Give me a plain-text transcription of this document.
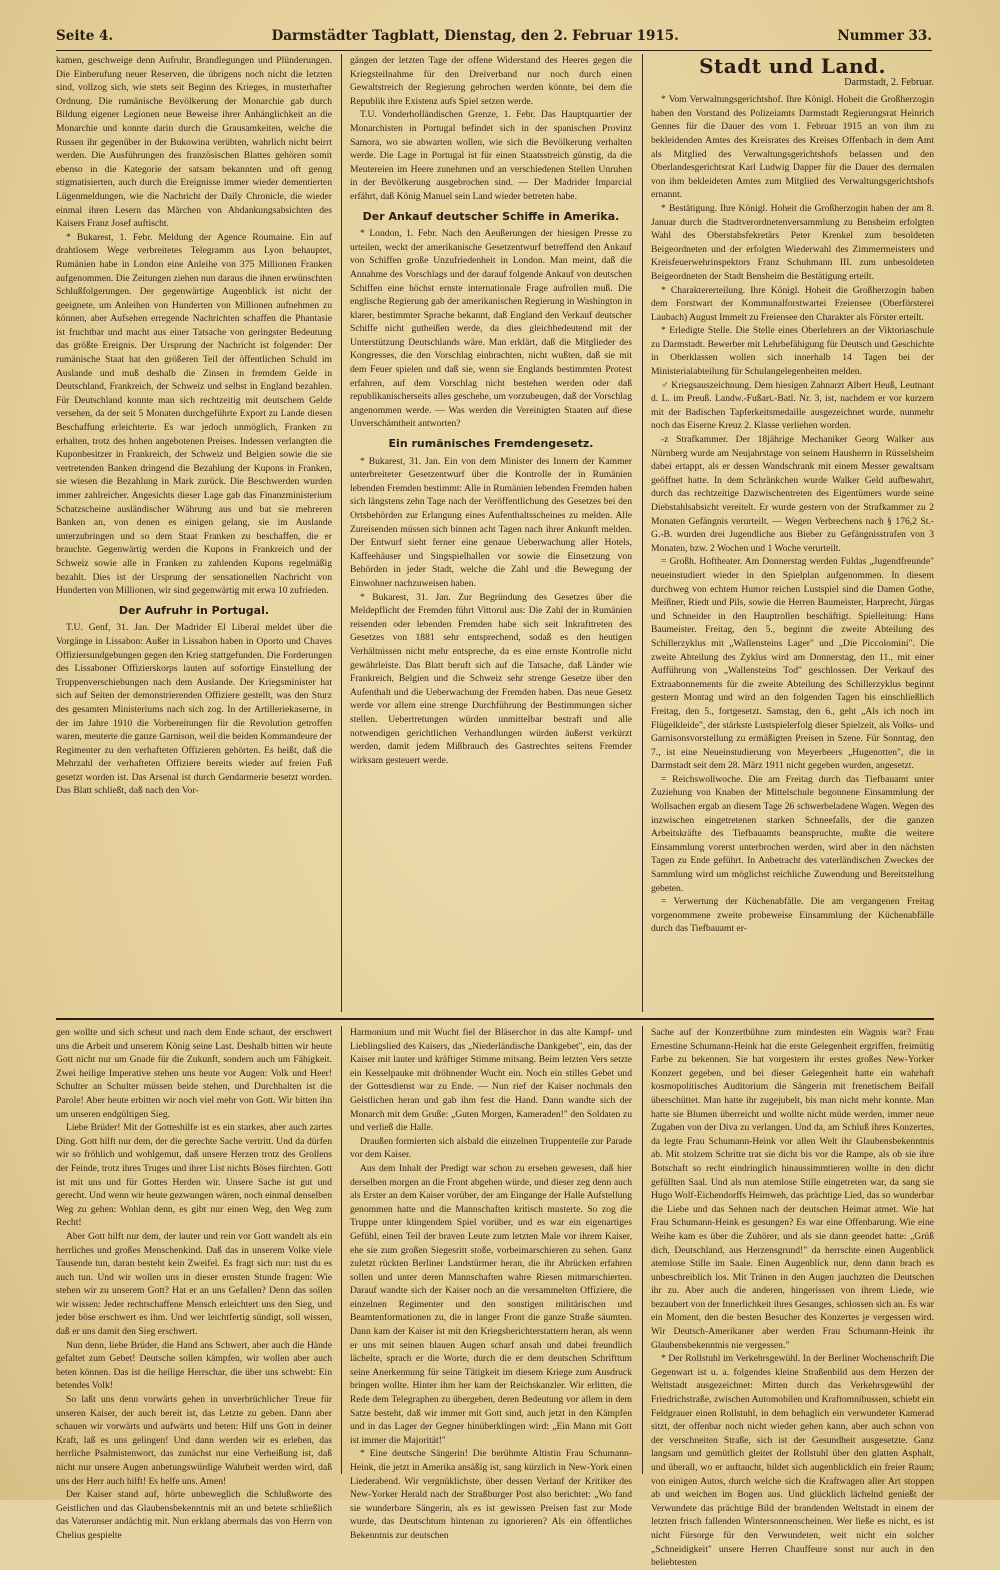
Seite 4.	Darmstädter Tagblatt, Dienstag, den 2. Februar 1915.	Nummer 33.

kamen, geschweige denn Aufruhr, Brandlegungen und Plünderungen. Die Einberufung neuer Reserven, die übrigens noch nicht die letzten sind, vollzog sich, wie stets seit Beginn des Krieges, in musterhafter Ordnung. Die rumänische Bevölkerung der Monarchie gab durch Bildung eigener Legionen neue Beweise ihrer Anhänglichkeit an die Monarchie und konnte darin durch die Grausamkeiten, welche die Russen ihr gegenüber in der Bukowina verübten, wahrlich nicht beirrt werden. Die Ausführungen des französischen Blattes gehören somit ebenso in die Kategorie der satsam bekannten und oft genug stigmatisierten, auch durch die Ereignisse immer wieder dementierten Lügenmeldungen, wie die Nachricht der Daily Chronicle, die wieder einmal ihren Lesern das Märchen von Abdankungsabsichten des Kaisers Franz Josef auftischt.

* Bukarest, 1. Febr. Meldung der Agence Roumaine. Ein auf drahtlosem Wege verbreitetes Telegramm aus Lyon behauptet, Rumänien habe in London eine Anleihe von 375 Millionen Franken aufgenommen. Die Zeitungen ziehen nun daraus die ihnen erwünschten Schlußfolgerungen. Der gegenwärtige Augenblick ist nicht der geeignete, um Anleihen von Hunderten von Millionen aufnehmen zu können, aber Aufsehen erregende Nachrichten schaffen die Phantasie ist fruchtbar und macht aus einer Tatsache von geringster Bedeutung das größte Ereignis. Der Ursprung der Nachricht ist folgender: Der rumänische Staat hat den größeren Teil der öffentlichen Schuld im Auslande und muß deshalb die Zinsen in fremdem Gelde in Deutschland, Frankreich, der Schweiz und selbst in England bezahlen. Für Deutschland konnte man sich rechtzeitig mit deutschem Gelde versehen, da der seit 5 Monaten durchgeführte Export zu Lande diesen Beschaffung erleichterte. Es war jedoch unmöglich, Franken zu erhalten, trotz des hohen angebotenen Preises. Indessen verlangten die Kuponbesitzer in Frankreich, der Schweiz und Belgien sowie die sie vertretenden Banken dringend die Bezahlung der Kupons in Franken, sie wiesen die Bezahlung in Mark zurück. Die Beschwerden wurden immer zahlreicher. Angesichts dieser Lage gab das Finanzministerium Schatzscheine ausländischer Währung aus und bat sie mehreren Banken an, von denen es einigen gelang, sie im Auslande unterzubringen und so dem Staat Franken zu beschaffen, die er brauchte. Gegenwärtig werden die Kupons in Frankreich und der Schweiz sowie alle in Franken zu zahlenden Kupons regelmäßig bezahlt. Dies ist der Ursprung der sensationellen Nachricht von Hunderten von Millionen, wir sind gegenwärtig mit erwa 10 zufrieden.

Der Aufruhr in Portugal.

T.U. Genf, 31. Jan. Der Madrider El Liberal meldet über die Vorgänge in Lissabon: Außer in Lissabon haben in Oporto und Chaves Offiziersundgebungen gegen den Krieg stattgefunden. Die Forderungen des Lissaboner Offizierskorps lauten auf sofortige Einstellung der Truppenverschiebungen nach dem Auslande. Der Kriegsminister hat sich auf Seiten der demonstrierenden Offiziere gestellt, was den Sturz des gesamten Ministeriums nach sich zog. In der Artilleriekaserne, in der im Jahre 1910 die Vorbereitungen für die Revolution getroffen waren, meuterte die ganze Garnison, weil die beiden Kommandeure der Regimenter zu den verhafteten Offizieren gehörten. Es heißt, daß die Mehrzahl der verhafteten Offiziere bereits wieder auf freien Fuß gesetzt worden ist. Das Arsenal ist durch Gendarmerie besetzt worden. Das Blatt schließt, daß nach den Vor-

gängen der letzten Tage der offene Widerstand des Heeres gegen die Kriegsteilnahme für den Dreiverband nur noch durch einen Gewaltstreich der Regierung gebrochen werden könnte, bei dem die Republik ihre Existenz aufs Spiel setzen werde.

T.U. Vonderholländischen Grenze, 1. Febr. Das Hauptquartier der Monarchisten in Portugal befindet sich in der spanischen Provinz Samora, wo sie abwarten wollen, wie sich die Bevölkerung verhalten werde. Die Lage in Portugal ist für einen Staatsstreich günstig, da die Meutereien im Heere zunehmen und an verschiedenen Stellen Unruhen in der Bevölkerung ausgebrochen sind. — Der Madrider Imparcial erfährt, daß König Manuel sein Land wieder betreten habe.

Der Ankauf deutscher Schiffe in Amerika.

* London, 1. Febr. Nach den Aeußerungen der hiesigen Presse zu urteilen, weckt der amerikanische Gesetzentwurf betreffend den Ankauf von Schiffen große Unzufriedenheit in London. Man meint, daß die Annahme des Vorschlags und der darauf folgende Ankauf von deutschen Schiffen eine höchst ernste internationale Frage aufrollen muß. Die englische Regierung gab der amerikanischen Regierung in Washington in klarer, bestimmter Sprache bekannt, daß England den Verkauf deutscher Schiffe nicht gutheißen werde, da dies gleichbedeutend mit der Unterstützung Deutschlands wäre. Man erklärt, daß die Mitglieder des Kongresses, die den Vorschlag einbrachten, nicht wußten, daß sie mit dem Feuer spielen und daß sie, wenn sie Englands bestimmten Protest erfahren, auf dem Vorschlag nicht bestehen werden oder daß republikanischerseits alles geschehe, um vorzubeugen, daß der Vorschlag angenommen werde. — Was werden die Vereinigten Staaten auf diese Unverschämtheit antworten?

Ein rumänisches Fremdengesetz.

* Bukarest, 31. Jan. Ein von dem Minister des Innern der Kammer unterbreiteter Gesetzentwurf über die Kontrolle der in Rumänien lebenden Fremden bestimmt: Alle in Rumänien lebenden Fremden haben sich längstens zehn Tage nach der Veröffentlichung des Gesetzes bei den Ortsbehörden zur Erlangung eines Aufenthaltsscheines zu melden. Alle Zureisenden müssen sich binnen acht Tagen nach ihrer Ankunft melden. Der Entwurf sieht ferner eine genaue Ueberwachung aller Hotels, Kaffeehäuser und Singspielhallen vor sowie die Einsetzung von Behörden in jeder Stadt, welche die Zahl und die Bewegung der Einwohner nachzuweisen haben.

* Bukarest, 31. Jan. Zur Begründung des Gesetzes über die Meldepflicht der Fremden führt Vittorul aus: Die Zahl der in Rumänien reisenden oder lebenden Fremden habe sich seit Inkrafttreten des Gesetzes von 1881 sehr entsprechend, sodaß es den heutigen Verhältnissen nicht mehr entspreche, da es eine ernste Kontrolle nicht gewährleiste. Das Blatt beruft sich auf die Tatsache, daß Länder wie Frankreich, Belgien und die Schweiz sehr strenge Gesetze über den Aufenthalt und die Ueberwachung der Fremden haben. Das neue Gesetz werde vor allem eine strenge Durchführung der Bestimmungen sicher stellen. Uebertretungen würden unmittelbar bestraft und alle notwendigen gerichtlichen Verhandlungen würden äußerst verkürzt werden, damit jedem Mißbrauch des Gastrechtes seitens Fremder wirksam gesteuert werde.

Stadt und Land.
Darmstadt, 2. Februar.

* Vom Verwaltungsgerichtshof. Ihre Königl. Hoheit die Großherzogin haben den Vorstand des Polizeiamts Darmstadt Regierungsrat Heinrich Gennes für die Dauer des vom 1. Februar 1915 an von ihm zu bekleidenden Amtes des Kreisrates des Kreises Offenbach in dem Amt als Mitglied des Verwaltungsgerichtshofs belassen und den Oberlandesgerichtsrat Karl Ludwig Dapper für die Dauer des dermalen von ihm bekleideten Amtes zum Mitglied des Verwaltungsgerichtshofs ernannt.

* Bestätigung. Ihre Königl. Hoheit die Großherzogin haben der am 8. Januar durch die Stadtverordnetenversammlung zu Bensheim erfolgten Wahl des Oberstabsfekretärs Peter Krenkel zum besoldeten Beigeordneten und der erfolgten Wiederwahl des Zimmermeisters und Kreisfeuerwehrinspektors Franz Schuhmann III. zum unbesoldeten Beigeordneten der Stadt Bensheim die Bestätigung erteilt.

* Charaktererteilung. Ihre Königl. Hoheit die Großherzogin haben dem Forstwart der Kommunalforstwartei Freiensee (Oberförsterei Laubach) August Immelt zu Freiensee den Charakter als Förster erteilt.

* Erledigte Stelle. Die Stelle eines Oberlehrers an der Viktoriaschule zu Darmstadt. Bewerber mit Lehrbefähigung für Deutsch und Geschichte in Oberklassen wollen sich innerhalb 14 Tagen bei der Ministerialabteilung für Schulangelegenheiten melden.

♂ Kriegsauszeichnung. Dem hiesigen Zahnarzt Albert Heuß, Leutnant d. L. im Preuß. Landw.-Fußart.-Batl. Nr. 3, ist, nachdem er vor kurzem mit der Badischen Tapferkeitsmedaille ausgezeichnet wurde, nunmehr noch das Eiserne Kreuz 2. Klasse verliehen worden.

-z Strafkammer. Der 18jährige Mechaniker Georg Walker aus Nürnberg wurde am Neujahrstage von seinem Hausherrn in Rüsselsheim dabei ertappt, als er dessen Wandschrank mit einem Messer gewaltsam geöffnet hatte. In dem Schränkchen wurde Walker Geld aufbewahrt, durch das rechtzeitige Dazwischentreten des Eigentümers wurde seine Diebstahlsabsicht vereitelt. Er wurde gestern von der Strafkammer zu 2 Monaten Gefängnis verurteilt. — Wegen Verbrechens nach § 176,2 St.-G.-B. wurden drei Jugendliche aus Bieber zu Gefängnisstrafen von 3 Monaten, bzw. 2 Wochen und 1 Woche verurteilt.

= Großh. Hoftheater. Am Donnerstag werden Fuldas „Jugendfreunde" neueinstudiert wieder in den Spielplan aufgenommen. In diesem durchweg von echtem Humor reichen Lustspiel sind die Damen Gothe, Meißner, Riedt und Pils, sowie die Herren Baumeister, Harprecht, Jürgas und Schneider in den Hauptrollen beschäftigt. Spielleitung: Hans Baumeister. Freitag, den 5., beginnt die zweite Abteilung des Schillerzyklus mit „Wallensteins Lager" und „Die Piccolomini". Die zweite Abteilung des Zyklus wird am Donnerstag, den 11., mit einer Aufführung von „Wallensteins Tod" geschlossen. Der Verkauf des Extraabonnements für die zweite Abteilung des Schillerzyklus beginnt gestern Montag und wird an den folgenden Tagen bis einschließlich Freitag, den 5., fortgesetzt. Samstag, den 6., geht „Als ich noch im Flügelkleide", der stärkste Lustspielerfolg dieser Spielzeit, als Volks- und Garnisonsvorstellung zu ermäßigten Preisen in Szene. Für Sonntag, den 7., ist eine Neueinstudierung von Meyerbeers „Hugenotten", die in Darmstadt seit dem 28. März 1911 nicht gegeben wurden, angesetzt.

= Reichswollwoche. Die am Freitag durch das Tiefbauamt unter Zuziehung von Knaben der Mittelschule begonnene Einsammlung der Wollsachen ergab an diesem Tage 26 schwerbeladene Wagen. Wegen des inzwischen eingetretenen starken Schneefalls, der die ganzen Arbeitskräfte des Tiefbauamts beanspruchte, mußte die weitere Einsammlung vorerst unterbrochen werden, wird aber in den nächsten Tagen zu Ende geführt. In Anbetracht des vaterländischen Zweckes der Sammlung wird um möglichst reichliche Zuwendung und Bereitstellung gebeten.

= Verwertung der Küchenabfälle. Die am vergangenen Freitag vorgenommene zweite probeweise Einsammlung der Küchenabfälle durch das Tiefbauamt er-

gen wollte und sich scheut und nach dem Ende schaut, der erschwert uns die Arbeit und unserem König seine Last. Deshalb bitten wir heute Gott nicht nur um Gnade für die Zukunft, sondern auch um Fähigkeit. Zwei heilige Imperative stehen uns heute vor Augen: Volk und Heer! Schulter an Schulter müssen beide stehen, und Durchhalten ist die Parole! Aber heute erbitten wir noch viel mehr von Gott. Wir bitten ihn um unseren endgültigen Sieg.

Liebe Brüder! Mit der Gotteshilfe ist es ein starkes, aber auch zartes Ding. Gott hilft nur dem, der die gerechte Sache vertritt. Und da dürfen wir so fröhlich und wohlgemut, daß unsere Herzen trotz des Grollens der Feinde, trotz ihres Truges und ihrer List nichts Böses fürchten. Gott ist mit uns und für Gottes Herden wir. Unsere Sache ist gut und gerecht. Und wenn wir heute gezwungen wären, noch einmal denselben Weg zu gehen: Wohlan denn, es gibt nur einen Weg, den Weg zum Recht!

Aber Gott hilft nur dem, der lauter und rein vor Gott wandelt als ein herrliches und großes Menschenkind. Daß das in unserem Volke viele Tausende tun, daran besteht kein Zweifel. Es fragt sich nur: tust du es auch tun. Und wir wollen uns in dieser ernsten Stunde fragen: Wie stehen wir zu unserem Gott? Hat er an uns Gefallen? Denn das sollen wir wissen: Jeder rechtschaffene Mensch erleichtert uns den Sieg, und jeder böse erschwert es ihm. Und wer leichtfertig sündigt, soll wissen, daß er uns damit den Sieg erschwert.

Nun denn, liebe Brüder, die Hand ans Schwert, aber auch die Hände gefaltet zum Gebet! Deutsche sollen kämpfen, wir wollen aber auch beten können. Das ist die heilige Herrschar, die über uns schwebt: Ein betendes Volk!

So laßt uns denn vorwärts gehen in unverbrüchlicher Treue für unseren Kaiser, der auch bereit ist, das Letzte zu geben. Dann aber schauen wir vorwärts und aufwärts und beten: Hilf uns Gott in deiner Kraft, laß es uns gelingen! Und dann werden wir es erleben, das herrliche Psalmistenwort, das zunächst nur eine Verheißung ist, daß nicht nur unsere Augen anbetungswürdige Wahrheit werden wird, daß uns der Herr auch hilft! Es helfe uns. Amen!

Der Kaiser stand auf, hörte unbeweglich die Schlußworte des Geistlichen und das Glaubensbekenntnis mit an und betete schließlich das Vaterunser andächtig mit. Nun erklang abermals das von Herrn von Chelius gespielte

Harmonium und mit Wucht fiel der Bläserchor in das alte Kampf- und Lieblingslied des Kaisers, das „Niederländische Dankgebet", ein, das der Kaiser mit lauter und kräftiger Stimme mitsang. Beim letzten Vers setzte ein Kesselpauke mit dröhnender Wucht ein. Noch ein stilles Gebet und der Gottesdienst war zu Ende. — Nun rief der Kaiser nochmals den Geistlichen heran und gab ihm fest die Hand. Dann wandte sich der Monarch mit dem Gruße: „Guten Morgen, Kameraden!" den Soldaten zu und verließ die Halle.

Draußen formierten sich alsbald die einzelnen Truppenteile zur Parade vor dem Kaiser.

Aus dem Inhalt der Predigt war schon zu ersehen gewesen, daß hier derselben morgen an die Front abgehen würde, und dieser zeg denn auch als Erster an dem Kaiser vorüber, der am Eingange der Halle Aufstellung genommen hatte und die Mannschaften kritisch musterte. So zog die Truppe unter klingendem Spiel vorüber, und es war ein eigenartiges Gefühl, einen Teil der braven Leute zum letzten Male vor ihrem Kaiser, ehe sie zum großen Siegesritt stoße, vorbeimarschieren zu sehen. Ganz zuletzt rückten Berliner Landstürmer heran, die ihr Abrücken erfahren sollen und unter deren Mannschaften wahre Riesen mitmarschierten. Darauf wandte sich der Kaiser noch an die versammelten Offiziere, die einzelnen Regimenter und den sonstigen militärischen und Beamtenformationen zu, die in langer Front die ganze Straße säumten. Dann kam der Kaiser ist mit den Kriegsberichterstattern heran, als wenn er uns mit seinen blauen Augen scharf ansah und dabei freundlich lächelte, sprach er die Worte, durch die er dem deutschen Schrifttum seine Anerkennung für seine Tätigkeit im diesem Kriege zum Ausdruck bringen wollte. Hinter ihm her kam der Reichskanzler. Wir erlitten, die Rede dem Telegraphen zu übergeben, deren Bedeutung vor allem in dem Satze besteht, daß wir immer mit Gott sind, auch jetzt in den Kämpfen und in das Lager der Gegner hinüberklingen wird: „Ein Mann mit Gott ist immer die Majorität!"

* Eine deutsche Sängerin! Die berühmte Altistin Frau Schumann-Heink, die jetzt in Amerika ansäßig ist, sang kürzlich in New-York einen Liederabend. Wir vergnüklichste, über dessen Verlauf der Kritiker des New-Yorker Herald nach der Straßburger Post also berichtet: „Wo fand sie wunderbare Sängerin, als es ist gewissen Preisen fast zur Mode wurde, das Deutschtum hintenan zu ignorieren? Als ein öffentliches Bekenntnis zur deutschen

Sache auf der Konzertbühne zum mindesten ein Wagnis war? Frau Ernestine Schumann-Heink hat die erste Gelegenheit ergriffen, freimütig Farbe zu bekennen. Sie hat vorgestern ihr erstes großes New-Yorker Konzert gegeben, und bei dieser Gelegenheit hatte ein wahrhaft kosmopolitisches Auditorium die Sängerin mit frenetischem Beifall überschüttet. Man hatte ihr zugejubelt, bis man nicht mehr konnte. Man hatte sie Blumen überreicht und wollte nicht müde werden, immer neue Zugaben von der Diva zu verlangen. Und da, am Schluß ihres Konzertes, da legte Frau Schumann-Heink vor allen Welt ihr Glaubensbekenntnis ab. Mit stolzem Schritte trat sie dicht bis vor die Rampe, als ob sie ihre Botschaft so recht eindringlich hinaussimmtieren wollte in den dicht gefüllten Saal. Und als nun atemlose Stille eingetreten war, da sang sie Hugo Wolf-Eichendorffs Heimweh, das prächtige Lied, das so wunderbar die Liebe und das Sehnen nach der deutschen Heimat atmet. Wie hat Frau Schumann-Heink es gesungen? Es war eine Offenbarung. Wie eine Weihe kam es über die Zuhörer, und als sie dann geendet hatte: „Grüß dich, Deutschland, aus Herzensgrund!" da herrschte einen Augenblick atemlose Stille im Saale. Einen Augenblick nur, denn dann brach es unbeschreiblich los. Mit Tränen in den Augen jauchzten die Deutschen ihr zu. Aber auch die anderen, hingerissen von ihrem Liede, wie bezaubert von der Innerlichkeit ihres Gesanges, schlossen sich an. Es war ein Moment, den die besten Besucher des Konzertes je vergessen wird. Wir Deutsch-Amerikaner aber werden Frau Schumann-Heink ihr Glaubensbekenntnis nie vergessen."

* Der Rollstuhl im Verkehrsgewühl. In der Berliner Wochenschrift Die Gegenwart ist u. a. folgendes kleine Straßenbild aus dem Herzen der Weltstadt ausgezeichnet: Mitten durch das Verkehrsgewühl der Friedrichstraße, zwischen Automobilen und Kraftomnibussen, schiebt ein Feldgrauer einen Rollstuhl, in dem behaglich ein verwundeter Kamerad sitzt, der offenbar noch nicht wieder gehen kann, aber auch schon von der verschneiten Straße, sich ist der Gesundheit ausgesetzte. Ganz langsam und gemütlich gleitet der Rollstuhl über den glatten Asphalt, und überall, wo er auftaucht, bildet sich augenblicklich ein freier Raum; von einigen Autos, durch welche sich die Kraftwagen aller Art stoppen ab und weichen im Bogen aus. Und glücklich lächelnd genießt der Verwundete das prächtige Bild der brandenden Weltstadt in einem der letzten frisch fallenden Wintersonnenscheinen. Wer ließe es nicht, es ist nicht Fürsorge für den Verwundeten, weit nicht ein solcher „Schneidigkeit" unsere Herren Chauffeure sonst nur auch in den beliebtesten
